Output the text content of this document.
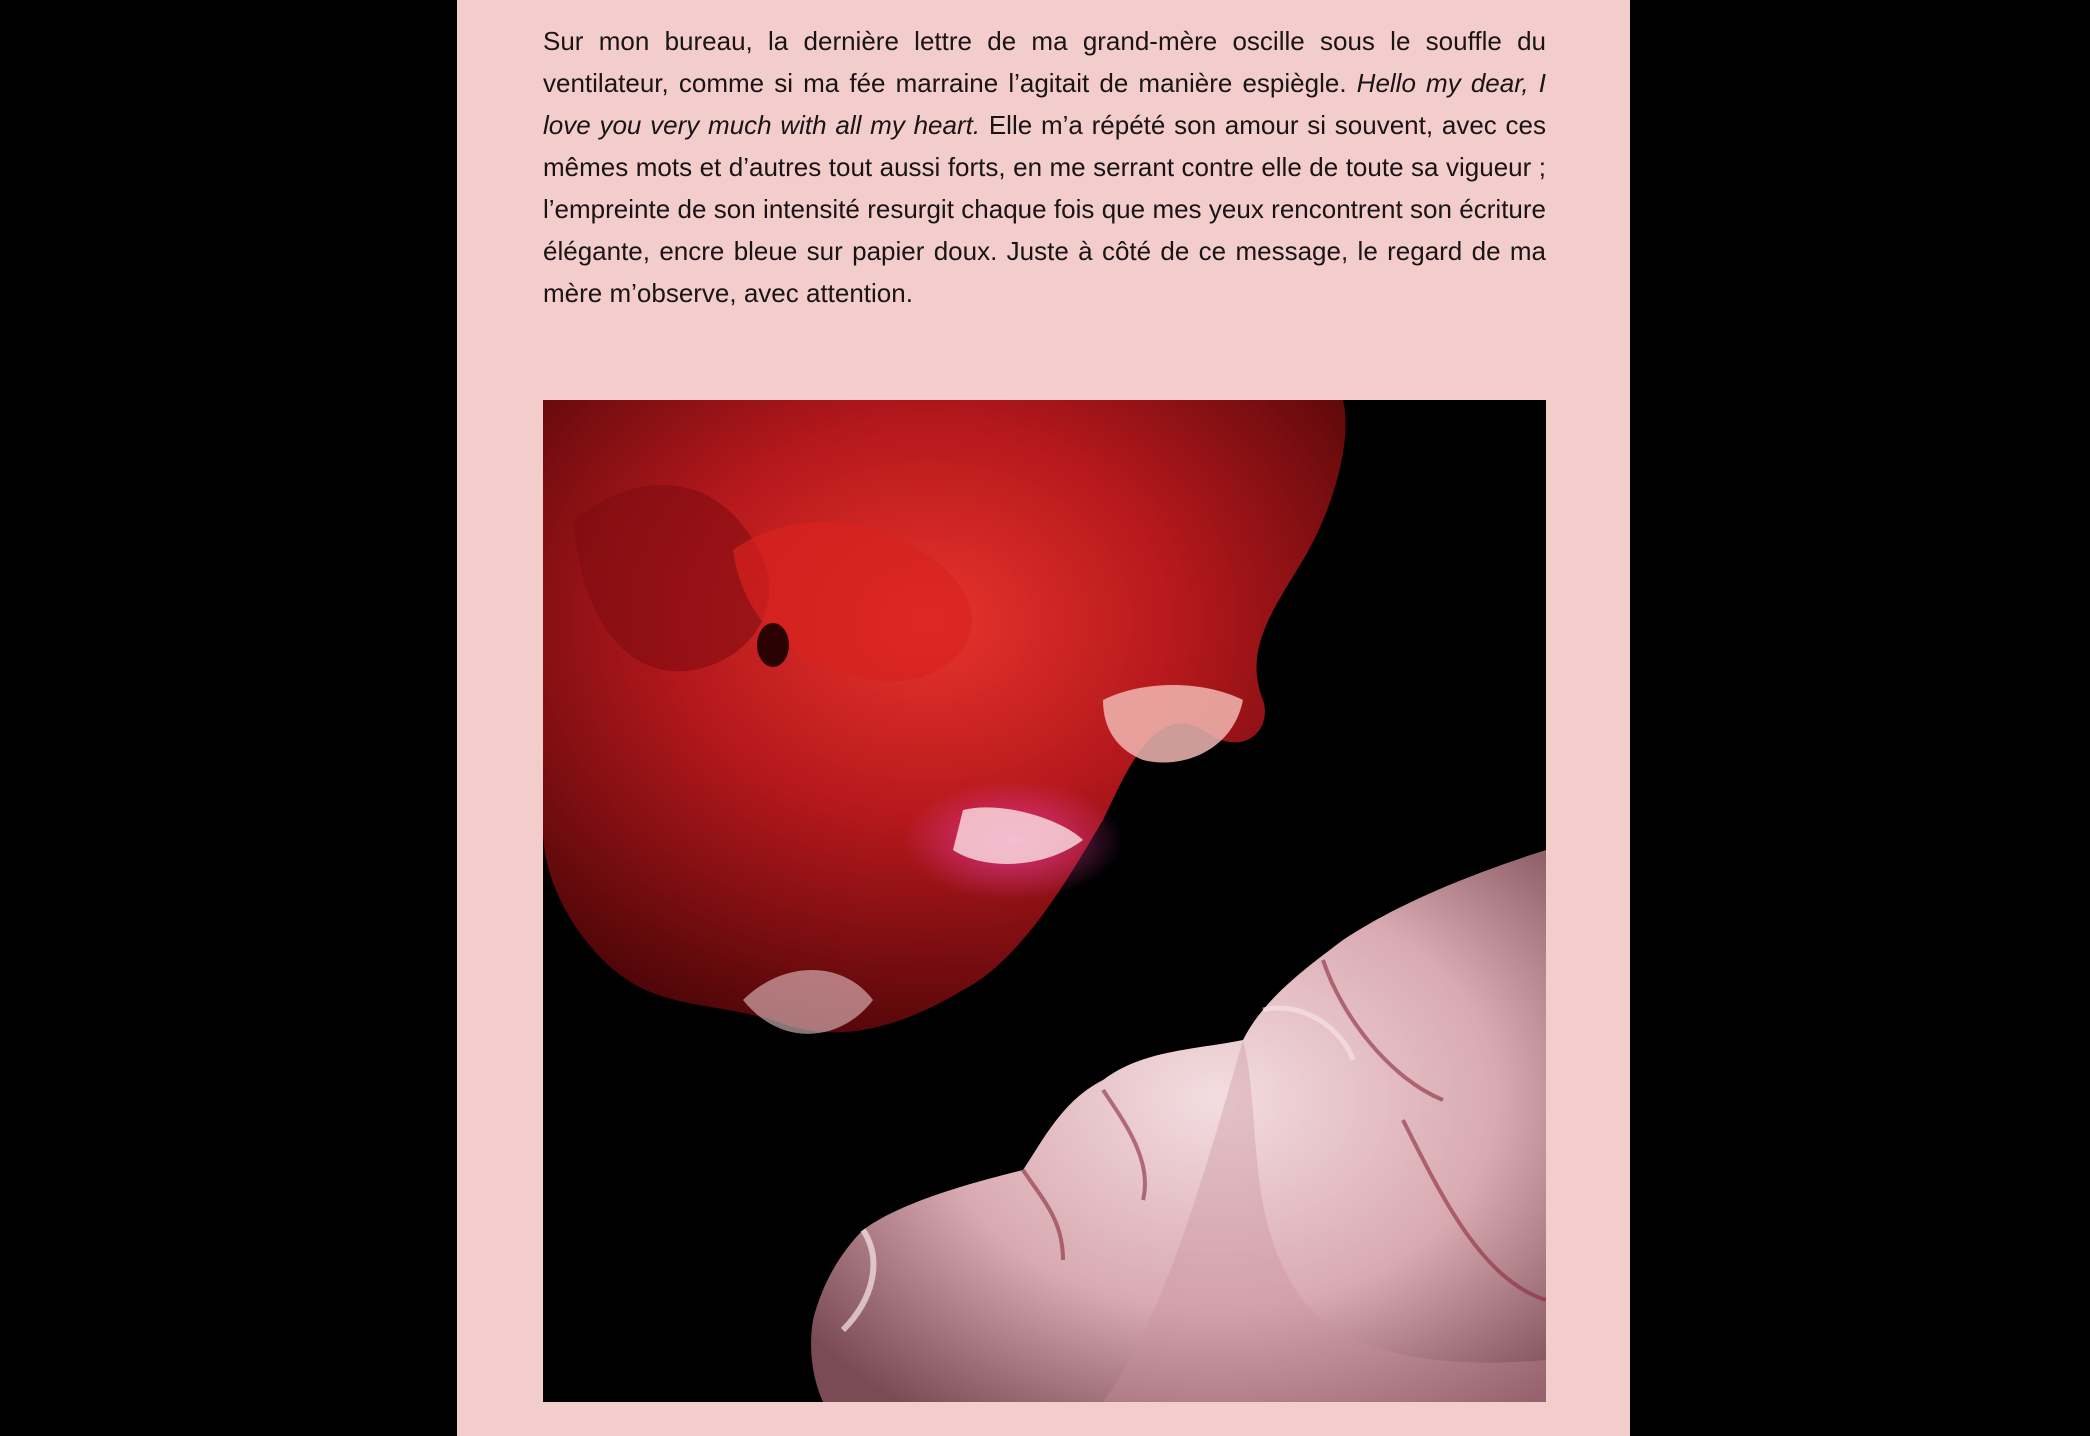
Sur mon bureau, la dernière lettre de ma grand-mère oscille sous le souffle du ventilateur, comme si ma fée marraine l’agitait de manière espiègle. Hello my dear, I love you very much with all my heart. Elle m’a répété son amour si souvent, avec ces mêmes mots et d’autres tout aussi forts, en me serrant contre elle de toute sa vigueur ; l’empreinte de son intensité resurgit chaque fois que mes yeux rencontrent son écriture élégante, encre bleue sur papier doux. Juste à côté de ce message, le regard de ma mère m’observe, avec attention.
